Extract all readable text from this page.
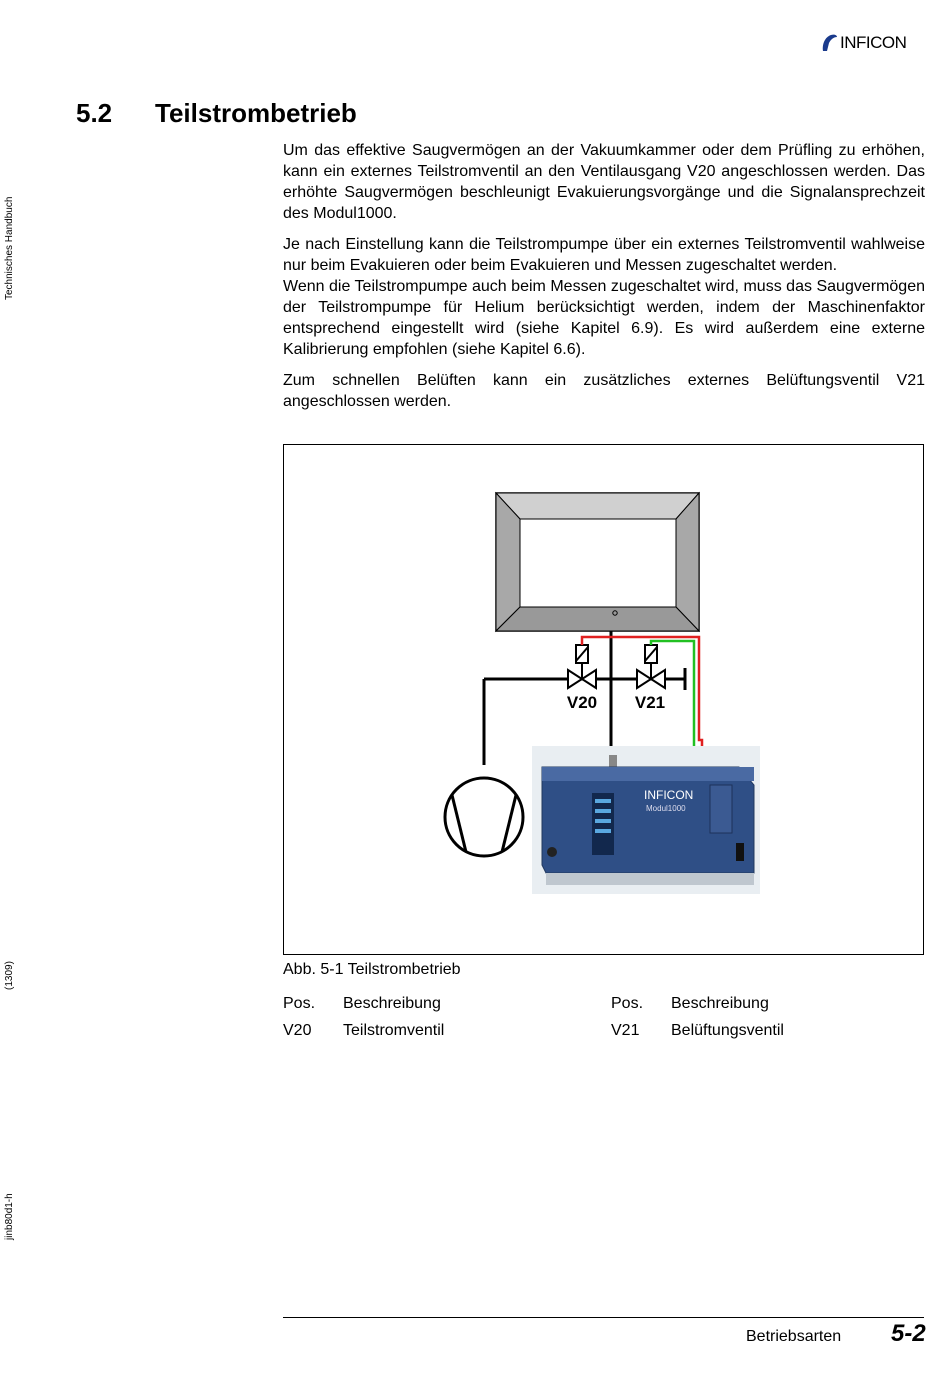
INFICON
Technisches Handbuch
(1309)
jinb80d1-h
5.2 Teilstrombetrieb

Um das effektive Saugvermögen an der Vakuumkammer oder dem Prüfling zu erhöhen, kann ein externes Teilstromventil an den Ventilausgang V20 angeschlossen werden. Das erhöhte Saugvermögen beschleunigt Evakuierungsvorgänge und die Signalansprechzeit des Modul1000.

Je nach Einstellung kann die Teilstrompumpe über ein externes Teilstromventil wahlweise nur beim Evakuieren oder beim Evakuieren und Messen zugeschaltet werden.

Wenn die Teilstrompumpe auch beim Messen zugeschaltet wird, muss das Saugvermögen der Teilstrompumpe für Helium berücksichtigt werden, indem der Maschinenfaktor entsprechend eingestellt wird (siehe Kapitel 6.9). Es wird außerdem eine externe Kalibrierung empfohlen (siehe Kapitel 6.6).

Zum schnellen Belüften kann ein zusätzliches externes Belüftungsventil V21 angeschlossen werden.

V20 V21
INFICON
Modul1000
Abb. 5-1 Teilstrombetrieb
Pos. Beschreibung	Pos. Beschreibung
V20 Teilstromventil	V21 Belüftungsventil
Betriebsarten 5-2
